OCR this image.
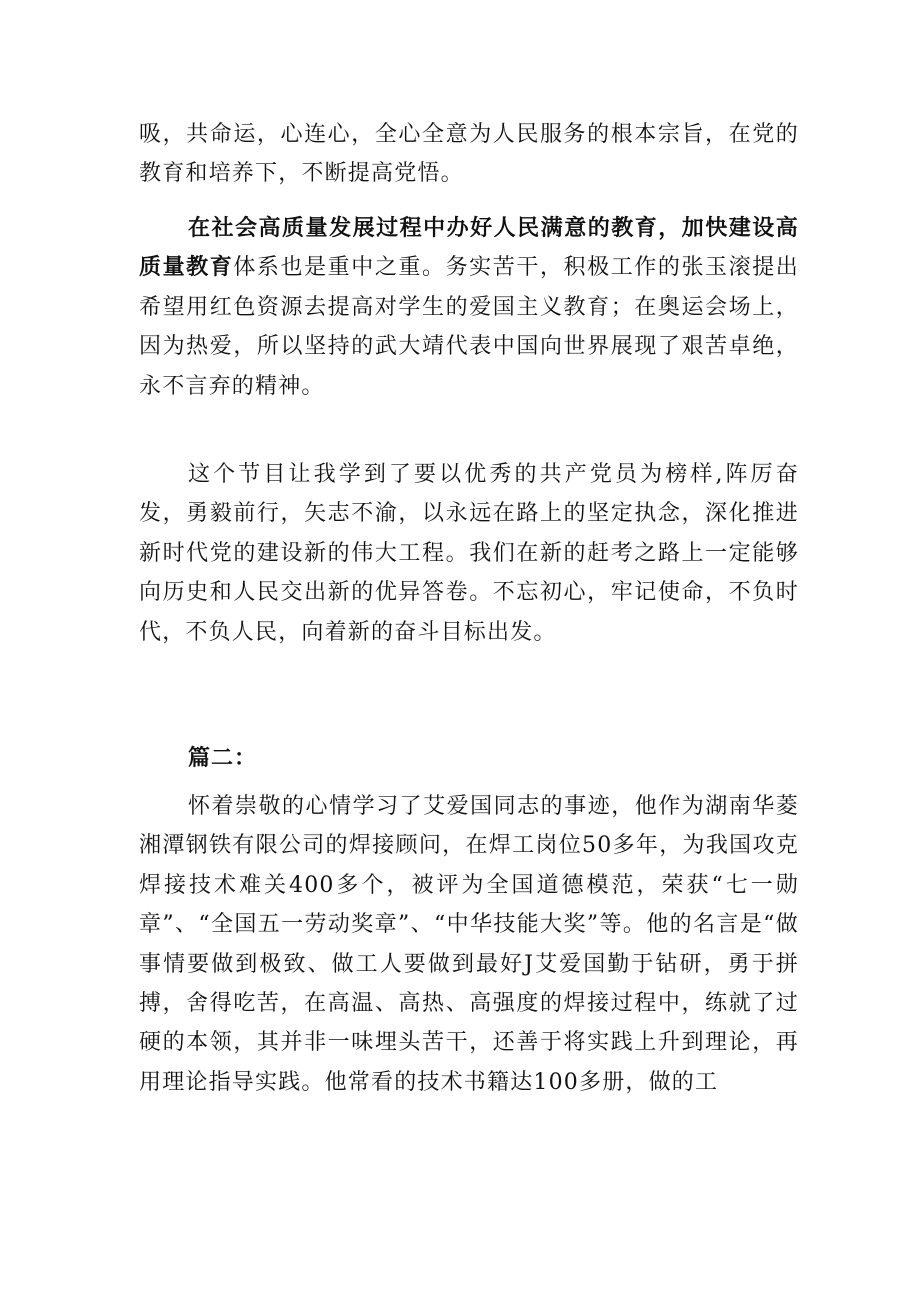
吸，共命运，心连心，全心全意为人民服务的根本宗旨，在党的教育和培养下，不断提高党悟。

在社会高质量发展过程中办好人民满意的教育，加快建设高质量教育体系也是重中之重。务实苦干，积极工作的张玉滚提出希望用红色资源去提高对学生的爱国主义教育；在奥运会场上，因为热爱，所以坚持的武大靖代表中国向世界展现了艰苦卓绝，永不言弃的精神。

这个节目让我学到了要以优秀的共产党员为榜样,阵厉奋发，勇毅前行，矢志不渝，以永远在路上的坚定执念，深化推进新时代党的建设新的伟大工程。我们在新的赶考之路上一定能够向历史和人民交出新的优异答卷。不忘初心，牢记使命，不负时代，不负人民，向着新的奋斗目标出发。

篇二：

怀着崇敬的心情学习了艾爱国同志的事迹，他作为湖南华菱湘潭钢铁有限公司的焊接顾问，在焊工岗位50多年，为我国攻克焊接技术难关400多个，被评为全国道德模范，荣获“七一勋章”、“全国五一劳动奖章”、“中华技能大奖”等。他的名言是“做事情要做到极致、做工人要做到最好J艾爱国勤于钻研，勇于拼搏，舍得吃苦，在高温、高热、高强度的焊接过程中，练就了过硬的本领，其并非一味埋头苦干，还善于将实践上升到理论，再用理论指导实践。他常看的技术书籍达100多册，做的工
